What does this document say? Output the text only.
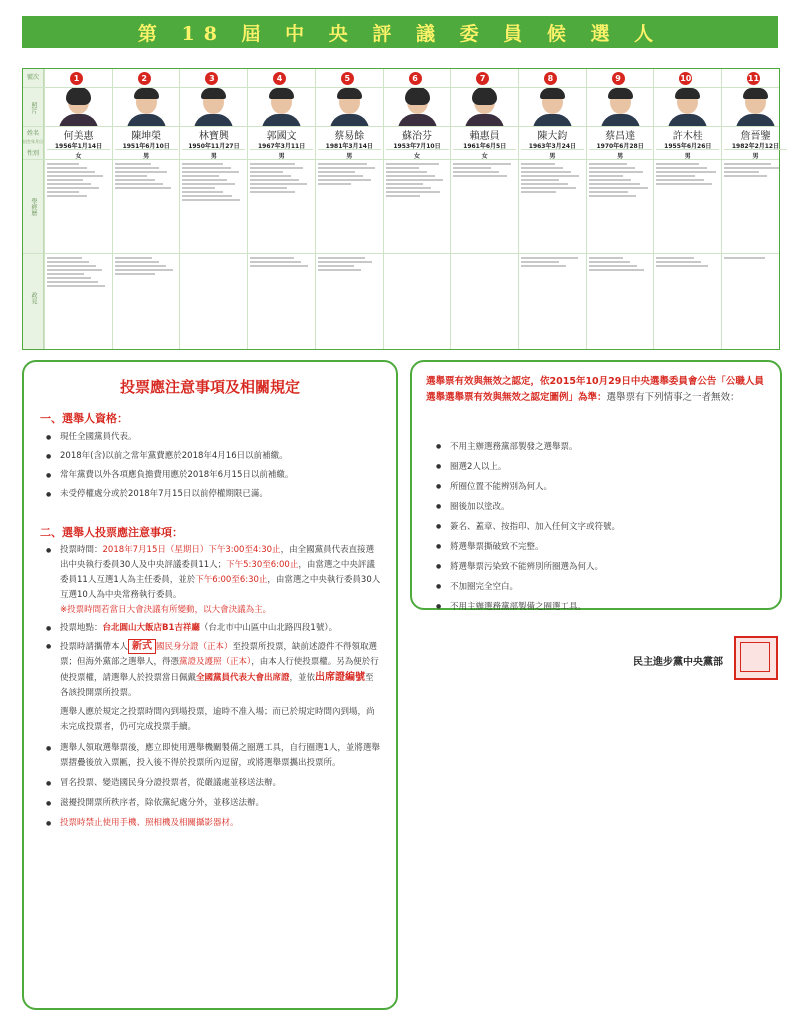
第 18 屆 中 央 評 議 委 員 候 選 人
號次
照片
姓名
出生年月日
性別
學經歷
政見
1
何美惠
1956年1月14日
女
2
陳坤榮
1951年6月10日
男
3
林寶興
1950年11月27日
男
4
郭國文
1967年3月11日
男
5
蔡易餘
1981年3月14日
男
6
蘇治芬
1953年7月10日
女
7
賴惠員
1961年6月5日
女
8
陳大鈞
1963年3月24日
男
9
蔡昌達
1970年6月28日
男
10
許木桂
1955年6月26日
男
11
詹晉鑒
1982年2月12日
男
投票應注意事項及相關規定
一、選舉人資格：
● 現任全國黨員代表。
● 2018年(含)以前之常年黨費應於2018年4月16日以前補繳。
● 常年黨費以外各項應負擔費用應於2018年6月15日以前補繳。
● 未受停權處分或於2018年7月15日以前停權期限已滿。
二、選舉人投票應注意事項：
● 投票時間：2018年7月15日（星期日）下午3:00至4:30止，由全國黨員代表直接選出中央執行委員30人及中央評議委員11人；下午5:30至6:00止，由當選之中央評議委員11人互選1人為主任委員，並於下午6:00至6:30止，由當選之中央執行委員30人互選10人為中央常務執行委員。
※投票時間若當日大會決議有所變動，以大會決議為主。
● 投票地點：台北圓山大飯店B1吉祥廳（台北市中山區中山北路四段1號）。
● 投票時請攜帶本人 新式 國民身分證（正本）至投票所投票，缺前述證件不得領取選票；但海外黨部之選舉人，得憑黨證及護照（正本），由本人行使投票權。另為便於行使投票權，請選舉人於投票當日佩戴全國黨員代表大會出席證，並依出席證編號至各該投開票所投票。
選舉人應於規定之投票時間內到場投票，逾時不准入場；而已於規定時間內到場，尚未完成投票者，仍可完成投票手續。
● 選舉人領取選舉票後，應立即使用選舉機關製備之圈選工具，自行圈選1人，並將選舉票摺疊後放入票匭，投入後不得於投票所內逗留，或將選舉票攜出投票所。
● 冒名投票、變造國民身分證投票者，從嚴議處並移送法辦。
● 滋擾投開票所秩序者，除依黨紀處分外，並移送法辦。
● 投票時禁止使用手機、照相機及相關攝影器材。
選舉票有效與無效之認定，依2015年10月29日中央選舉委員會公告「公職人員選舉選舉票有效與無效之認定圖例」為準：選舉票有下列情事之一者無效：
● 不用主辦選務黨部製發之選舉票。
● 圈選2人以上。
● 所圈位置不能辨別為何人。
● 圈後加以塗改。
● 簽名、蓋章、按指印、加入任何文字或符號。
● 將選舉票撕破致不完整。
● 將選舉票污染致不能辨別所圈選為何人。
● 不加圈完全空白。
● 不用主辦選務黨部製備之圈選工具。
民主進步黨中央黨部
